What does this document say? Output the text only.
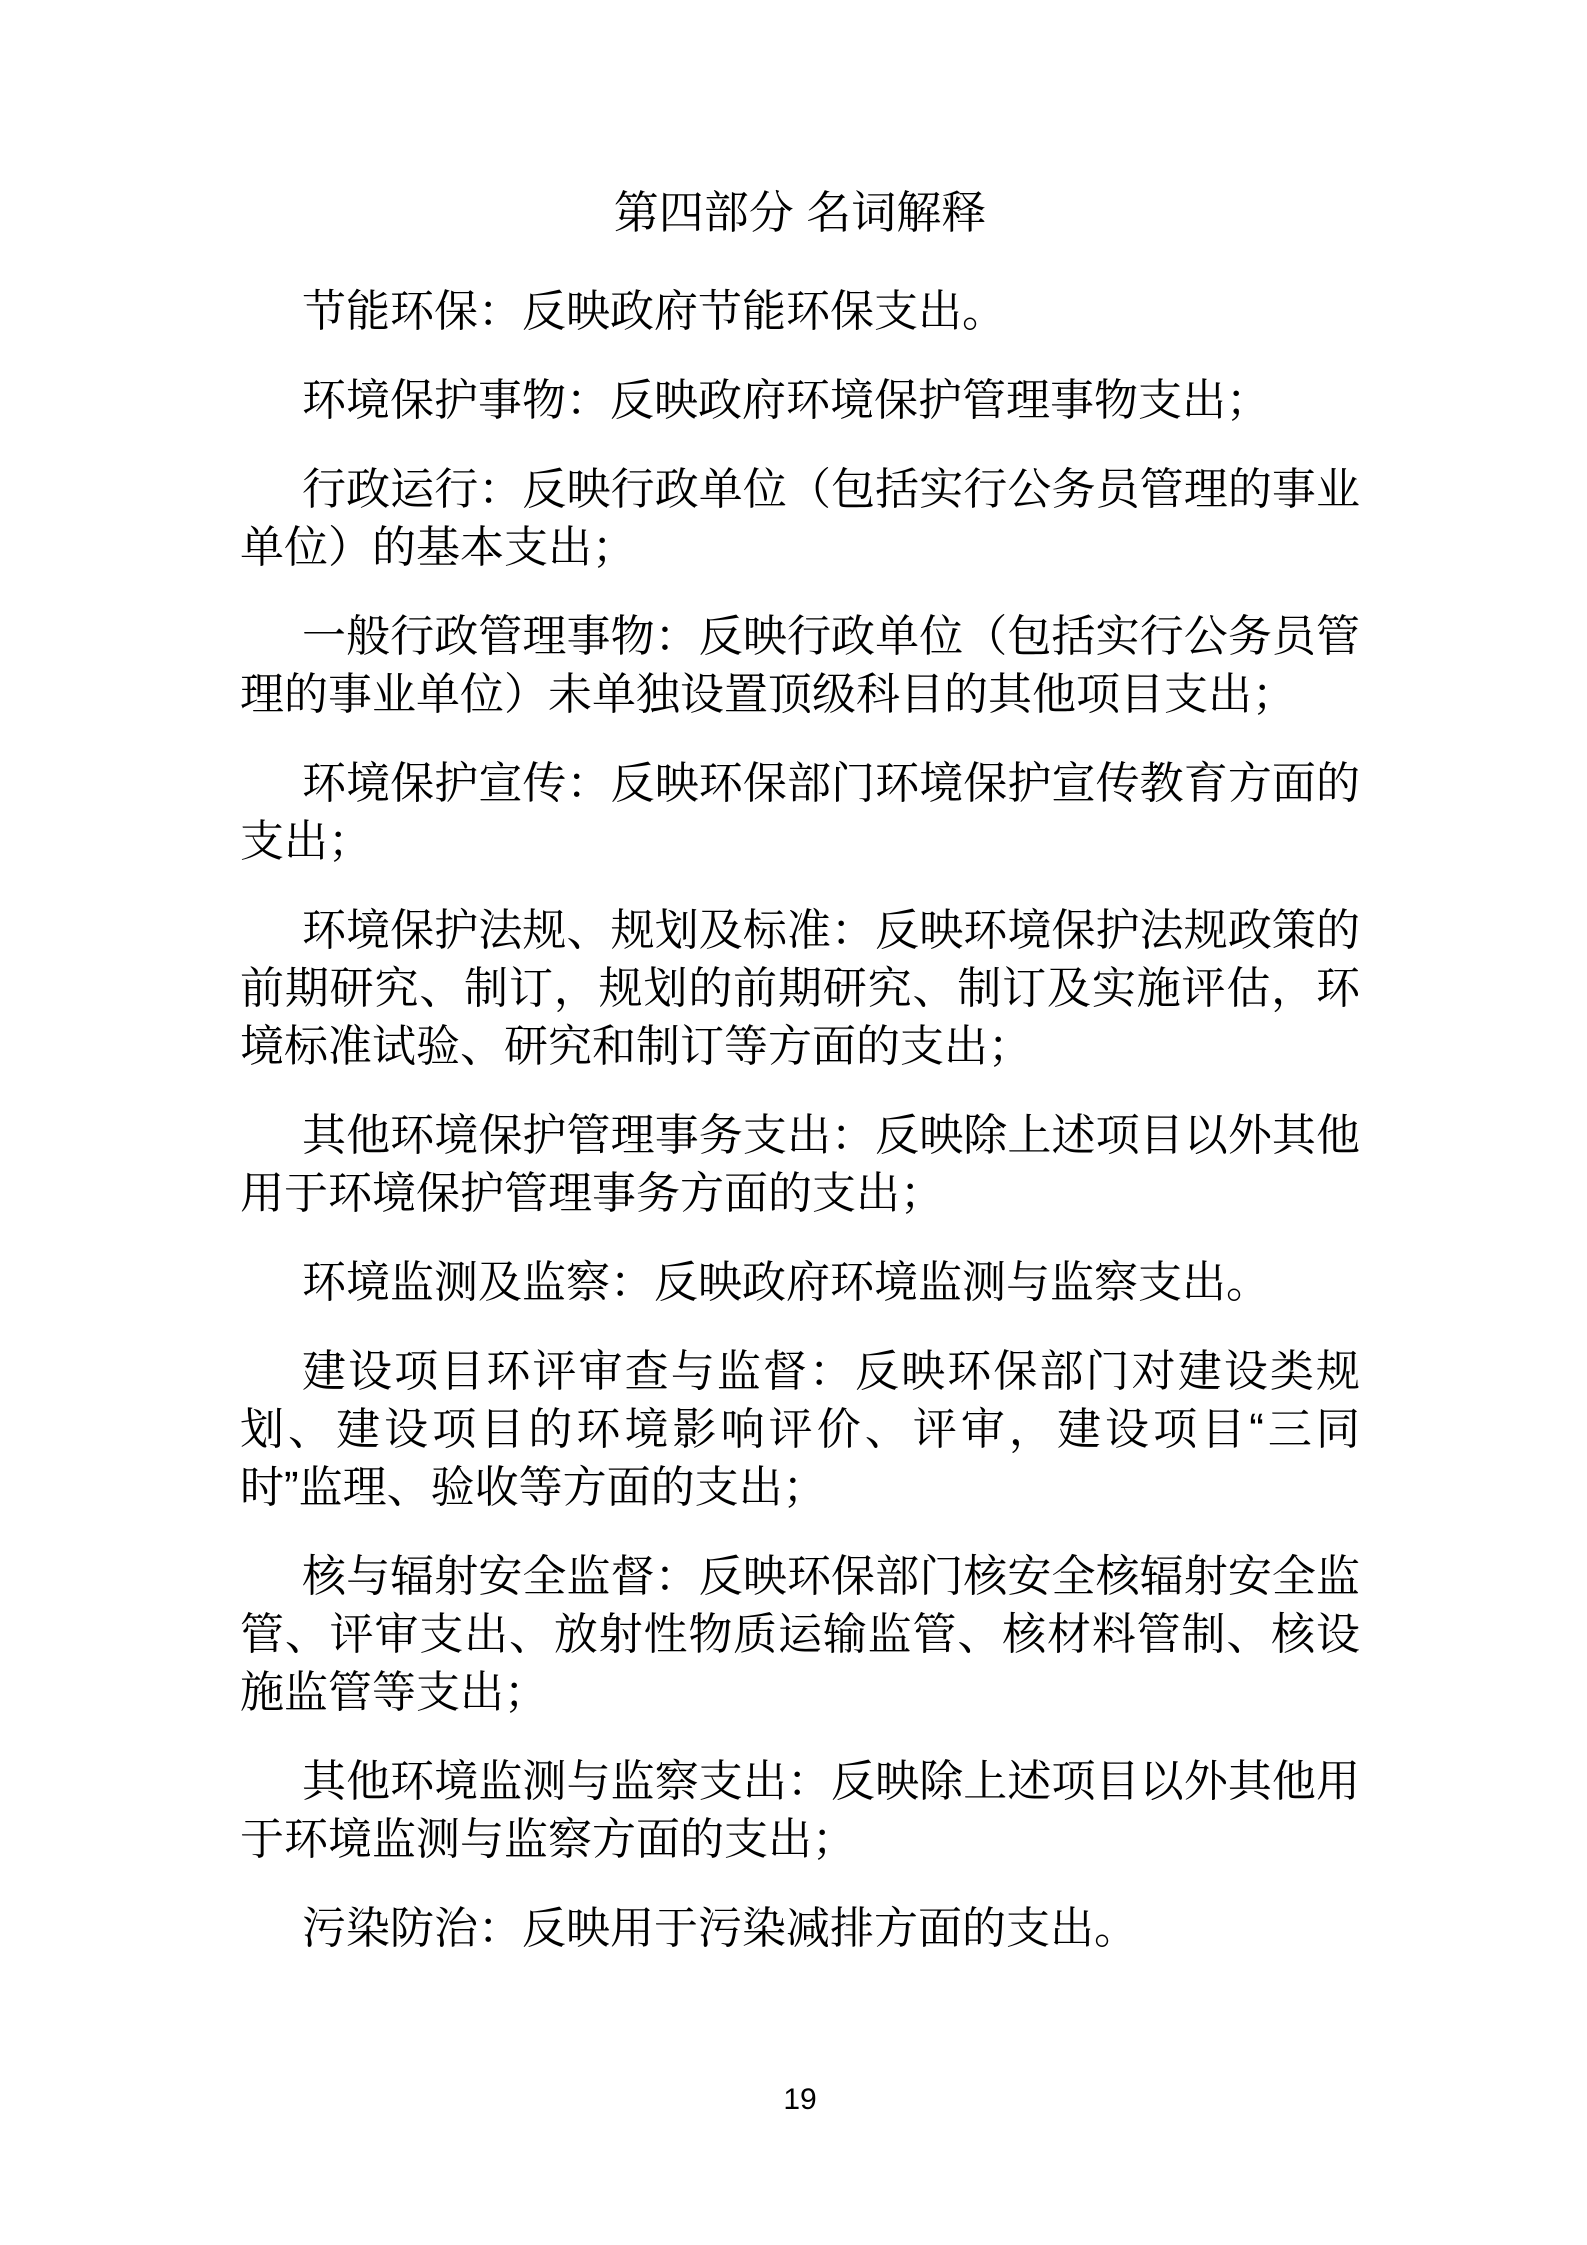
第四部分 名词解释

节能环保：反映政府节能环保支出。

环境保护事物：反映政府环境保护管理事物支出；

行政运行：反映行政单位（包括实行公务员管理的事业单位）的基本支出；

一般行政管理事物：反映行政单位（包括实行公务员管理的事业单位）未单独设置顶级科目的其他项目支出；

环境保护宣传：反映环保部门环境保护宣传教育方面的支出；

环境保护法规、规划及标准：反映环境保护法规政策的前期研究、制订，规划的前期研究、制订及实施评估，环境标准试验、研究和制订等方面的支出；

其他环境保护管理事务支出：反映除上述项目以外其他用于环境保护管理事务方面的支出；

环境监测及监察：反映政府环境监测与监察支出。

建设项目环评审查与监督：反映环保部门对建设类规划、建设项目的环境影响评价、评审，建设项目“三同时”监理、验收等方面的支出；

核与辐射安全监督：反映环保部门核安全核辐射安全监管、评审支出、放射性物质运输监管、核材料管制、核设施监管等支出；

其他环境监测与监察支出：反映除上述项目以外其他用于环境监测与监察方面的支出；

污染防治：反映用于污染减排方面的支出。

19
